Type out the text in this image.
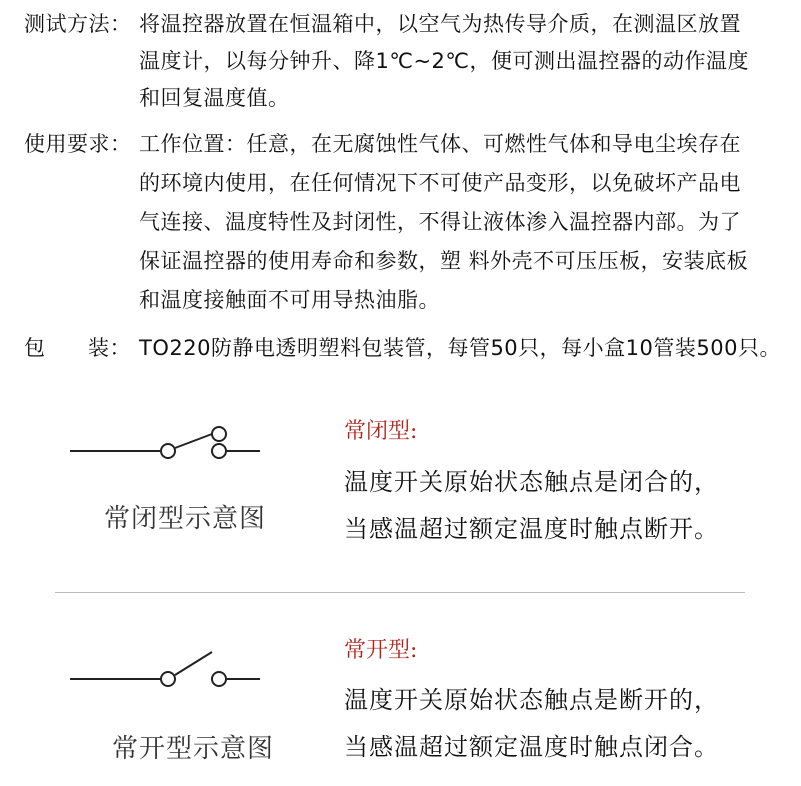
测试方法： 将温控器放置在恒温箱中，以空气为热传导介质，在测温区放置
温度计，以每分钟升、降1℃~2℃，便可测出温控器的动作温度
和回复温度值。
使用要求： 工作位置：任意，在无腐蚀性气体、可燃性气体和导电尘埃存在
的环境内使用，在任何情况下不可使产品变形，以免破坏产品电
气连接、温度特性及封闭性，不得让液体渗入温控器内部。为了
保证温控器的使用寿命和参数，塑 料外壳不可压压板，安装底板
和温度接触面不可用导热油脂。
包 装： TO220防静电透明塑料包装管，每管50只，每小盒10管装500只。
常闭型示意图
常闭型:
温度开关原始状态触点是闭合的，
当感温超过额定温度时触点断开。
常开型示意图
常开型:
温度开关原始状态触点是断开的，
当感温超过额定温度时触点闭合。
